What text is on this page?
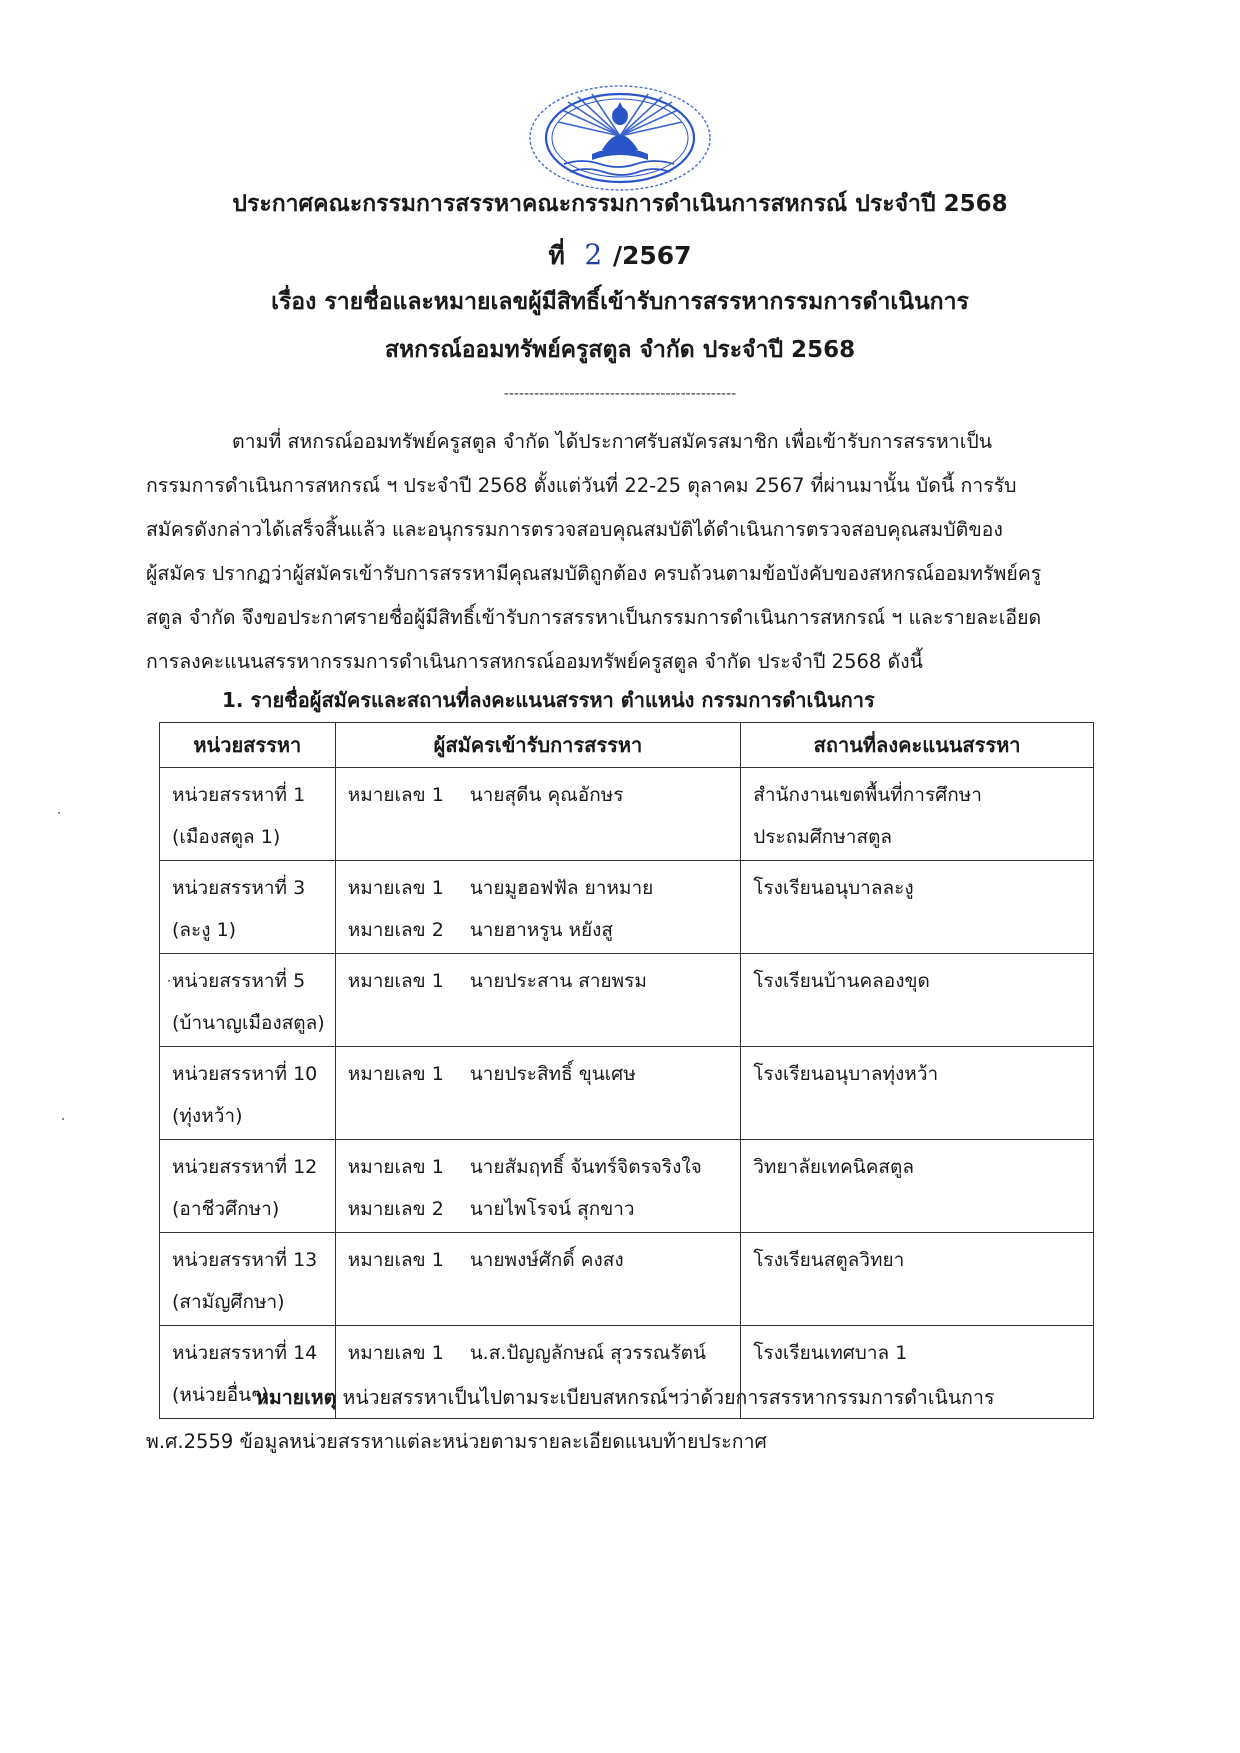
ประกาศคณะกรรมการสรรหาคณะกรรมการดำเนินการสหกรณ์ ประจำปี 2568
ที่ 2 /2567
เรื่อง รายชื่อและหมายเลขผู้มีสิทธิ์เข้ารับการสรรหากรรมการดำเนินการ
สหกรณ์ออมทรัพย์ครูสตูล จำกัด ประจำปี 2568
----------------------------------------------
ตามที่ สหกรณ์ออมทรัพย์ครูสตูล จำกัด ได้ประกาศรับสมัครสมาชิก เพื่อเข้ารับการสรรหาเป็น
กรรมการดำเนินการสหกรณ์ ฯ ประจำปี 2568 ตั้งแต่วันที่ 22-25 ตุลาคม 2567 ที่ผ่านมานั้น บัดนี้ การรับ
สมัครดังกล่าวได้เสร็จสิ้นแล้ว และอนุกรรมการตรวจสอบคุณสมบัติได้ดำเนินการตรวจสอบคุณสมบัติของ
ผู้สมัคร ปรากฏว่าผู้สมัครเข้ารับการสรรหามีคุณสมบัติถูกต้อง ครบถ้วนตามข้อบังคับของสหกรณ์ออมทรัพย์ครู
สตูล จำกัด จึงขอประกาศรายชื่อผู้มีสิทธิ์เข้ารับการสรรหาเป็นกรรมการดำเนินการสหกรณ์ ฯ และรายละเอียด
การลงคะแนนสรรหากรรมการดำเนินการสหกรณ์ออมทรัพย์ครูสตูล จำกัด ประจำปี 2568 ดังนี้
1. รายชื่อผู้สมัครและสถานที่ลงคะแนนสรรหา ตำแหน่ง กรรมการดำเนินการ
หน่วยสรรหา	ผู้สมัครเข้ารับการสรรหา	สถานที่ลงคะแนนสรรหา

หน่วยสรรหาที่ 1
(เมืองสตูล 1)	หมายเลข 1 นายสุดีน คุณอักษร	สำนักงานเขตพื้นที่การศึกษา
ประถมศึกษาสตูล

หน่วยสรรหาที่ 3
(ละงู 1)	หมายเลข 1 นายมูฮอฟฟัล ยาหมาย
หมายเลข 2 นายฮาหรูน หยังสู	โรงเรียนอนุบาลละงู

หน่วยสรรหาที่ 5
(บ้านาญเมืองสตูล)	หมายเลข 1 นายประสาน สายพรม	โรงเรียนบ้านคลองขุด

หน่วยสรรหาที่ 10
(ทุ่งหว้า)	หมายเลข 1 นายประสิทธิ์ ขุนเศษ	โรงเรียนอนุบาลทุ่งหว้า

หน่วยสรรหาที่ 12
(อาชีวศึกษา)	หมายเลข 1 นายสัมฤทธิ์ จันทร์จิตรจริงใจ
หมายเลข 2 นายไพโรจน์ สุกขาว	วิทยาลัยเทคนิคสตูล

หน่วยสรรหาที่ 13
(สามัญศึกษา)	หมายเลข 1 นายพงษ์ศักดิ์ คงสง	โรงเรียนสตูลวิทยา

หน่วยสรรหาที่ 14
(หน่วยอื่นๆ)	หมายเลข 1 น.ส.ปัญญลักษณ์ สุวรรณรัตน์	โรงเรียนเทศบาล 1
หมายเหตุ หน่วยสรรหาเป็นไปตามระเบียบสหกรณ์ฯว่าด้วยการสรรหากรรมการดำเนินการ
พ.ศ.2559 ข้อมูลหน่วยสรรหาแต่ละหน่วยตามรายละเอียดแนบท้ายประกาศ
